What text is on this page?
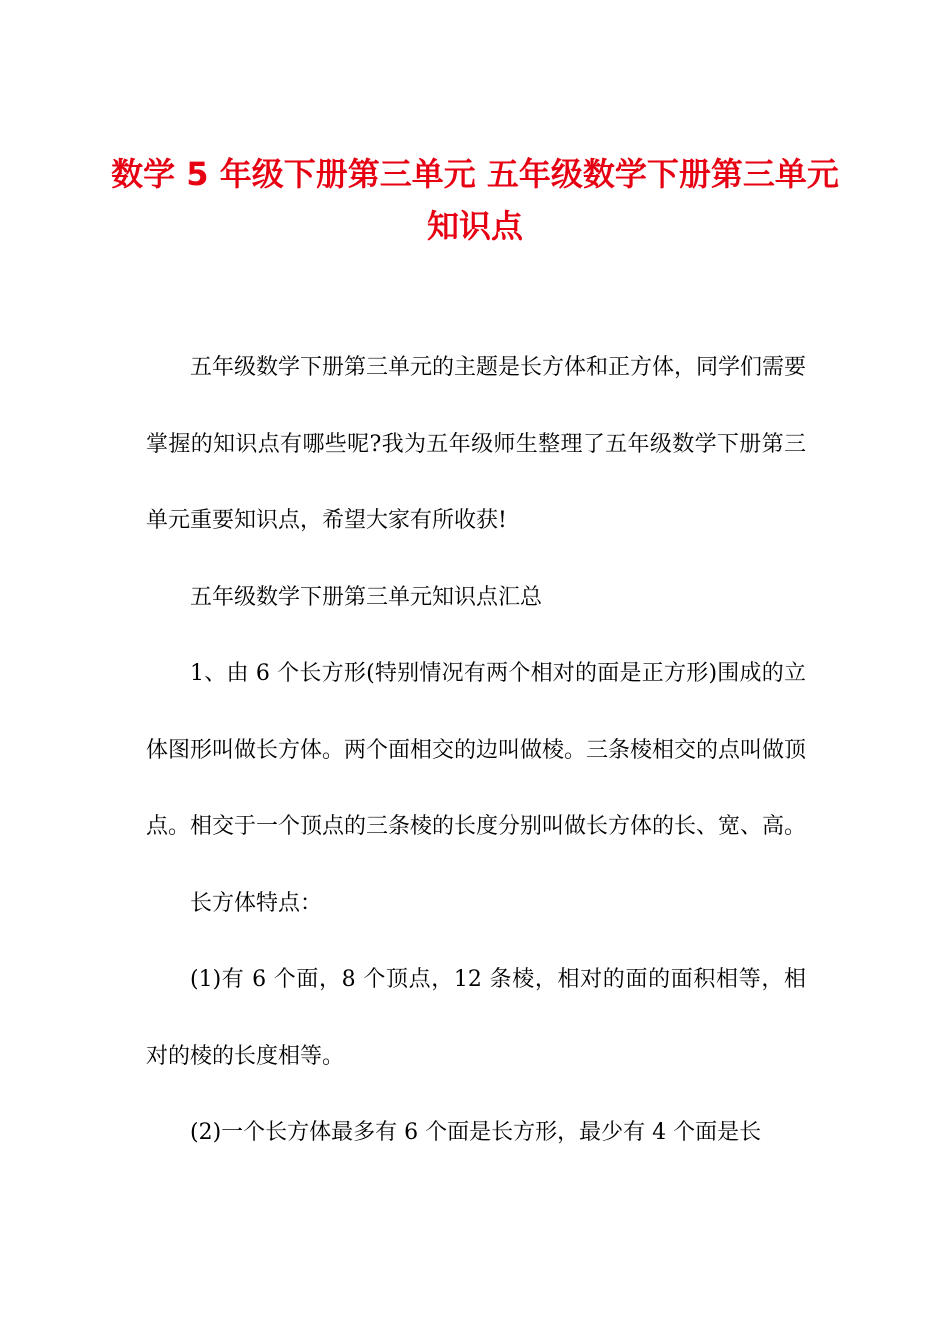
数学 5 年级下册第三单元 五年级数学下册第三单元知识点

五年级数学下册第三单元的主题是长方体和正方体，同学们需要掌握的知识点有哪些呢?我为五年级师生整理了五年级数学下册第三单元重要知识点，希望大家有所收获!

五年级数学下册第三单元知识点汇总

1、由 6 个长方形(特别情况有两个相对的面是正方形)围成的立体图形叫做长方体。两个面相交的边叫做棱。三条棱相交的点叫做顶点。相交于一个顶点的三条棱的长度分别叫做长方体的长、宽、高。

长方体特点：

(1)有 6 个面，8 个顶点，12 条棱，相对的面的面积相等，相对的棱的长度相等。

(2)一个长方体最多有 6 个面是长方形，最少有 4 个面是长
